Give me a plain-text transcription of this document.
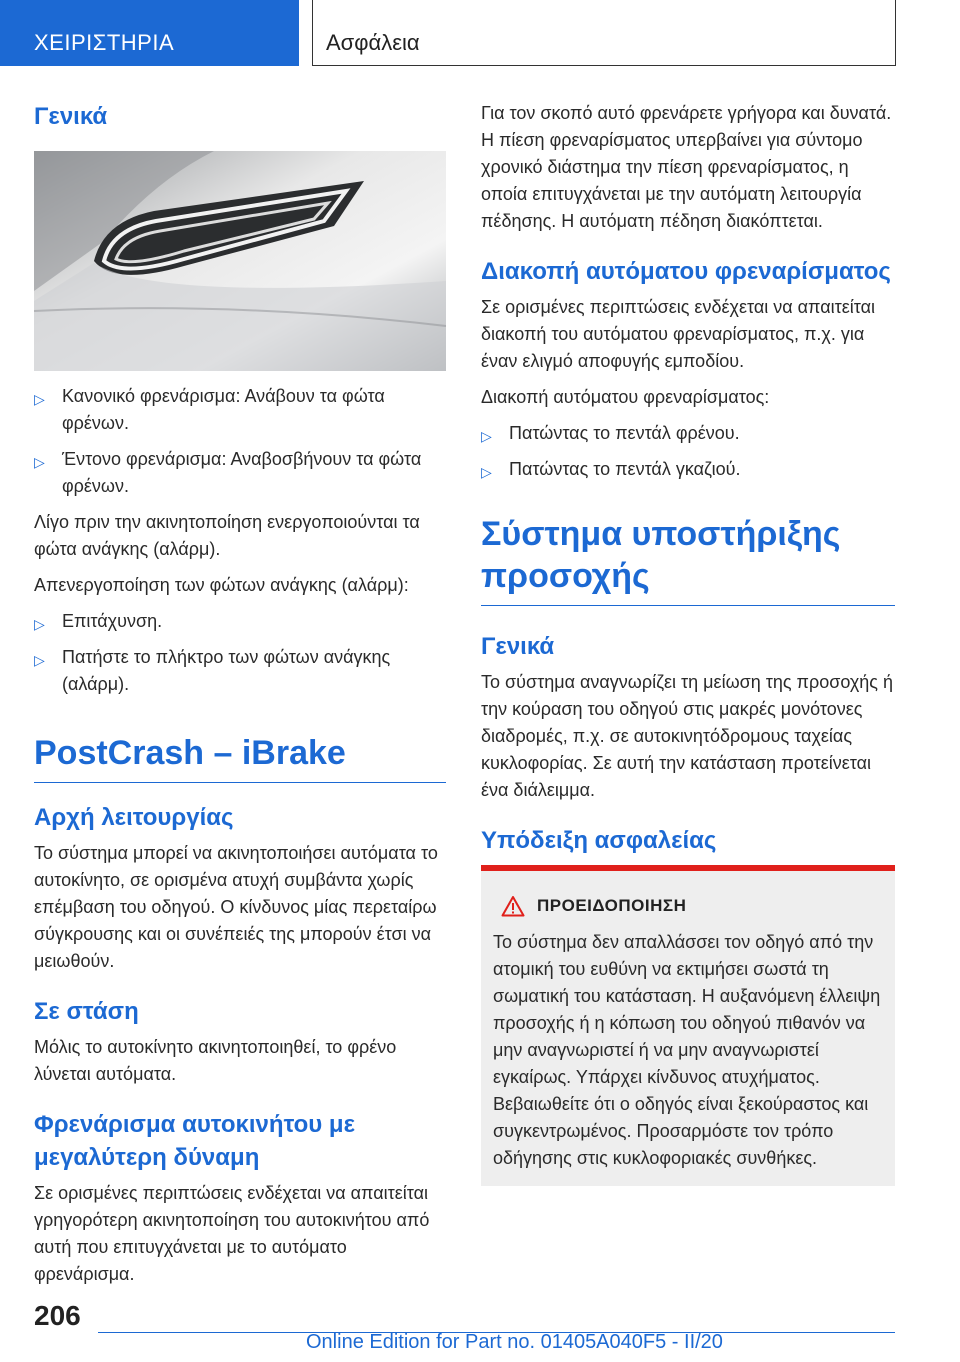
ΧΕΙΡΙΣΤΗΡΙΑ	Ασφάλεια
Γενικά
▷ Κανονικό φρενάρισμα: Ανάβουν τα φώτα φρένων.
▷ Έντονο φρενάρισμα: Αναβοσβήνουν τα φώτα φρένων.
Λίγο πριν την ακινητοποίηση ενεργοποιούνται τα φώτα ανάγκης (αλάρμ).
Απενεργοποίηση των φώτων ανάγκης (αλάρμ):
▷ Επιτάχυνση.
▷ Πατήστε το πλήκτρο των φώτων ανάγκης (αλάρμ).
PostCrash – iBrake
Αρχή λειτουργίας
Το σύστημα μπορεί να ακινητοποιήσει αυτόματα το αυτοκίνητο, σε ορισμένα ατυχή συμβάντα χωρίς επέμβαση του οδηγού. Ο κίνδυνος μίας περεταίρω σύγκρουσης και οι συνέπειές της μπορούν έτσι να μειωθούν.
Σε στάση
Μόλις το αυτοκίνητο ακινητοποιηθεί, το φρένο λύνεται αυτόματα.
Φρενάρισμα αυτοκινήτου με μεγαλύτερη δύναμη
Σε ορισμένες περιπτώσεις ενδέχεται να απαιτείται γρηγορότερη ακινητοποίηση του αυτοκινήτου από αυτή που επιτυγχάνεται με το αυτόματο φρενάρισμα.
Για τον σκοπό αυτό φρενάρετε γρήγορα και δυνατά. Η πίεση φρεναρίσματος υπερβαίνει για σύντομο χρονικό διάστημα την πίεση φρεναρίσματος, η οποία επιτυγχάνεται με την αυτόματη λειτουργία πέδησης. Η αυτόματη πέδηση διακόπτεται.
Διακοπή αυτόματου φρεναρίσματος
Σε ορισμένες περιπτώσεις ενδέχεται να απαιτείται διακοπή του αυτόματου φρεναρίσματος, π.χ. για έναν ελιγμό αποφυγής εμποδίου.
Διακοπή αυτόματου φρεναρίσματος:
▷ Πατώντας το πεντάλ φρένου.
▷ Πατώντας το πεντάλ γκαζιού.
Σύστημα υποστήριξης προσοχής
Γενικά
Το σύστημα αναγνωρίζει τη μείωση της προσοχής ή την κούραση του οδηγού στις μακρές μονότονες διαδρομές, π.χ. σε αυτοκινητόδρομους ταχείας κυκλοφορίας. Σε αυτή την κατάσταση προτείνεται ένα διάλειμμα.
Υπόδειξη ασφαλείας
ΠΡΟΕΙΔΟΠΟΙΗΣΗ
Το σύστημα δεν απαλλάσσει τον οδηγό από την ατομική του ευθύνη να εκτιμήσει σωστά τη σωματική του κατάσταση. Η αυξανόμενη έλλειψη προσοχής ή η κόπωση του οδηγού πιθανόν να μην αναγνωριστεί ή να μην αναγνωριστεί εγκαίρως. Υπάρχει κίνδυνος ατυχήματος. Βεβαιωθείτε ότι ο οδηγός είναι ξεκούραστος και συγκεντρωμένος. Προσαρμόστε τον τρόπο οδήγησης στις κυκλοφοριακές συνθήκες.
206
Online Edition for Part no. 01405A040F5 - II/20
